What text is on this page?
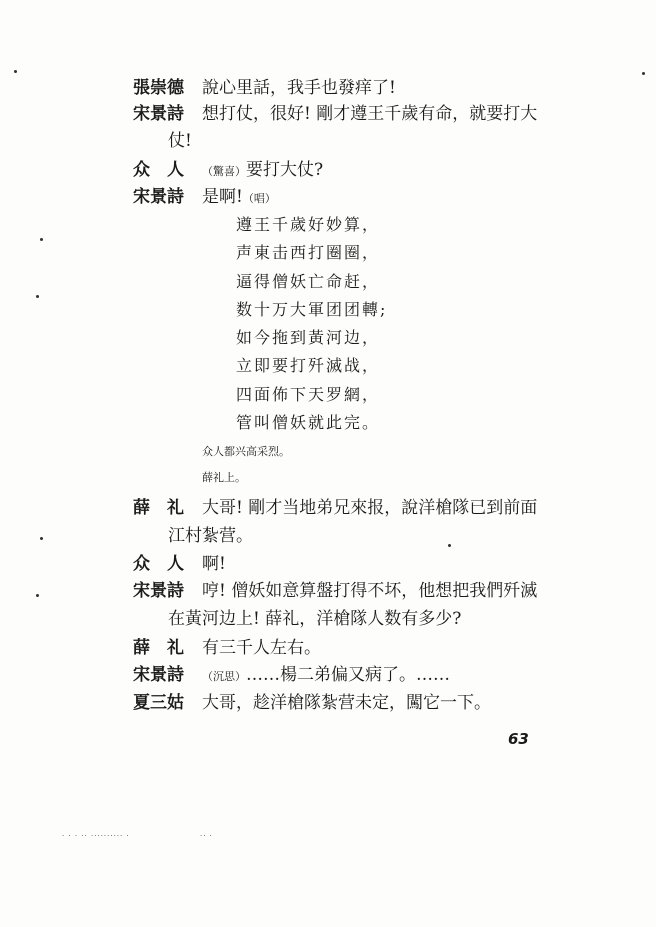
張崇德	說心里話，我手也發痒了!
宋景詩	想打仗，很好! 剛才遵王千歲有命，就要打大
仗!
众　人	（驚喜）要打大仗?
宋景詩	是啊!（唱）
遵王千歲好妙算，
声東击西打圈圈，
逼得僧妖亡命赶，
数十万大軍团团轉;
如今拖到黃河边，
立即要打歼滅战，
四面佈下天罗網，
管叫僧妖就此完。
众人都兴高采烈。
薛礼上。
薛　礼	大哥! 剛才当地弟兄來报，說洋槍隊已到前面
江村紮营。
众　人	啊!
宋景詩	哼! 僧妖如意算盤打得不坏，他想把我們歼滅
在黃河边上! 薛礼，洋槍隊人数有多少?
薛　礼	有三千人左右。
宋景詩	（沉思）……楊二弟偏又病了。……
夏三姑	大哥，趁洋槍隊紮营未定，闖它一下。
63
· · · ·· ·········· ·	·· ·
